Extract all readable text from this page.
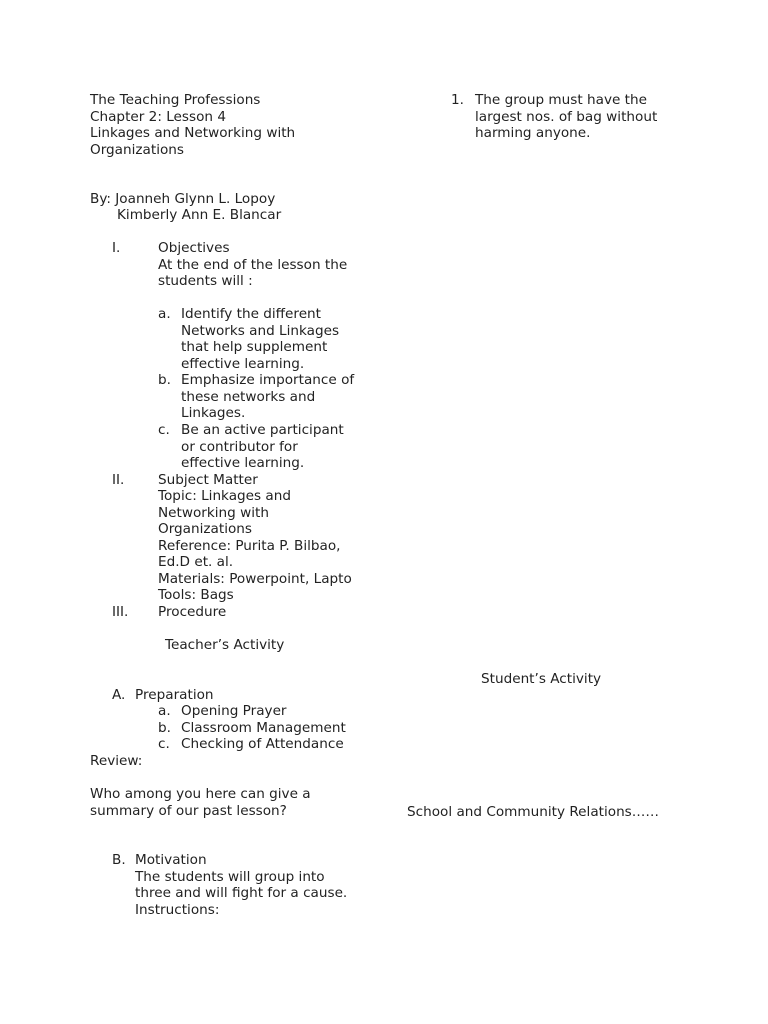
The Teaching Professions
Chapter 2: Lesson 4
Linkages and Networking with
Organizations
By: Joanneh Glynn L. Lopoy
Kimberly Ann E. Blancar
I.	Objectives
At the end of the lesson the
students will :
a. Identify the different
Networks and Linkages
that help supplement
effective learning.
b. Emphasize importance of
these networks and
Linkages.
c. Be an active participant
or contributor for
effective learning.
II. Subject Matter
Topic: Linkages and
Networking with
Organizations
Reference: Purita P. Bilbao,
Ed.D et. al.
Materials: Powerpoint, Lapto
Tools: Bags
III. Procedure
Teacher’s Activity
Student’s Activity
A. Preparation
a. Opening Prayer
b. Classroom Management
c. Checking of Attendance
Review:
Who among you here can give a
summary of our past lesson?	School and Community Relations……
B. Motivation
The students will group into
three and will fight for a cause.
Instructions:
1. The group must have the
largest nos. of bag without
harming anyone.
